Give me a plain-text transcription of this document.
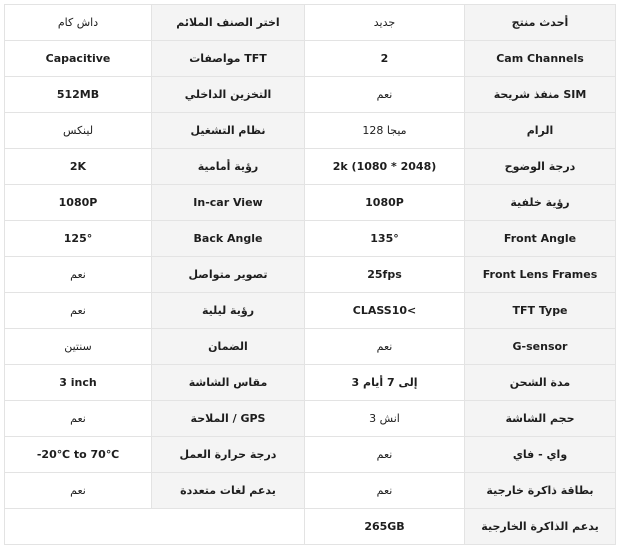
داش كام	اختر الصنف الملائم	جديد	أحدث منتج
Capacitive	مواصفات TFT	2	Cam Channels
512MB	التخزين الداخلي	نعم	منفذ شريحة SIM
لينكس	نظام التشغيل	128 ميجا	الرام
2K	رؤية أمامية	2k (1080 * 2048)	درجة الوضوح
1080P	In-car View	1080P	رؤية خلفية
125°	Back Angle	135°	Front Angle
نعم	تصوير متواصل	25fps	Front Lens Frames
نعم	رؤية ليلية	CLASS10<	TFT Type
سنتين	الضمان	نعم	G-sensor
3 inch	مقاس الشاشة	3 إلى 7 أيام	مدة الشحن
نعم	الملاحة / GPS	3 انش	حجم الشاشة
-20℃ to 70℃	درجة حرارة العمل	نعم	واي - فاي
نعم	يدعم لغات متعددة	نعم	بطاقة ذاكرة خارجية
		265GB	يدعم الذاكرة الخارجية
